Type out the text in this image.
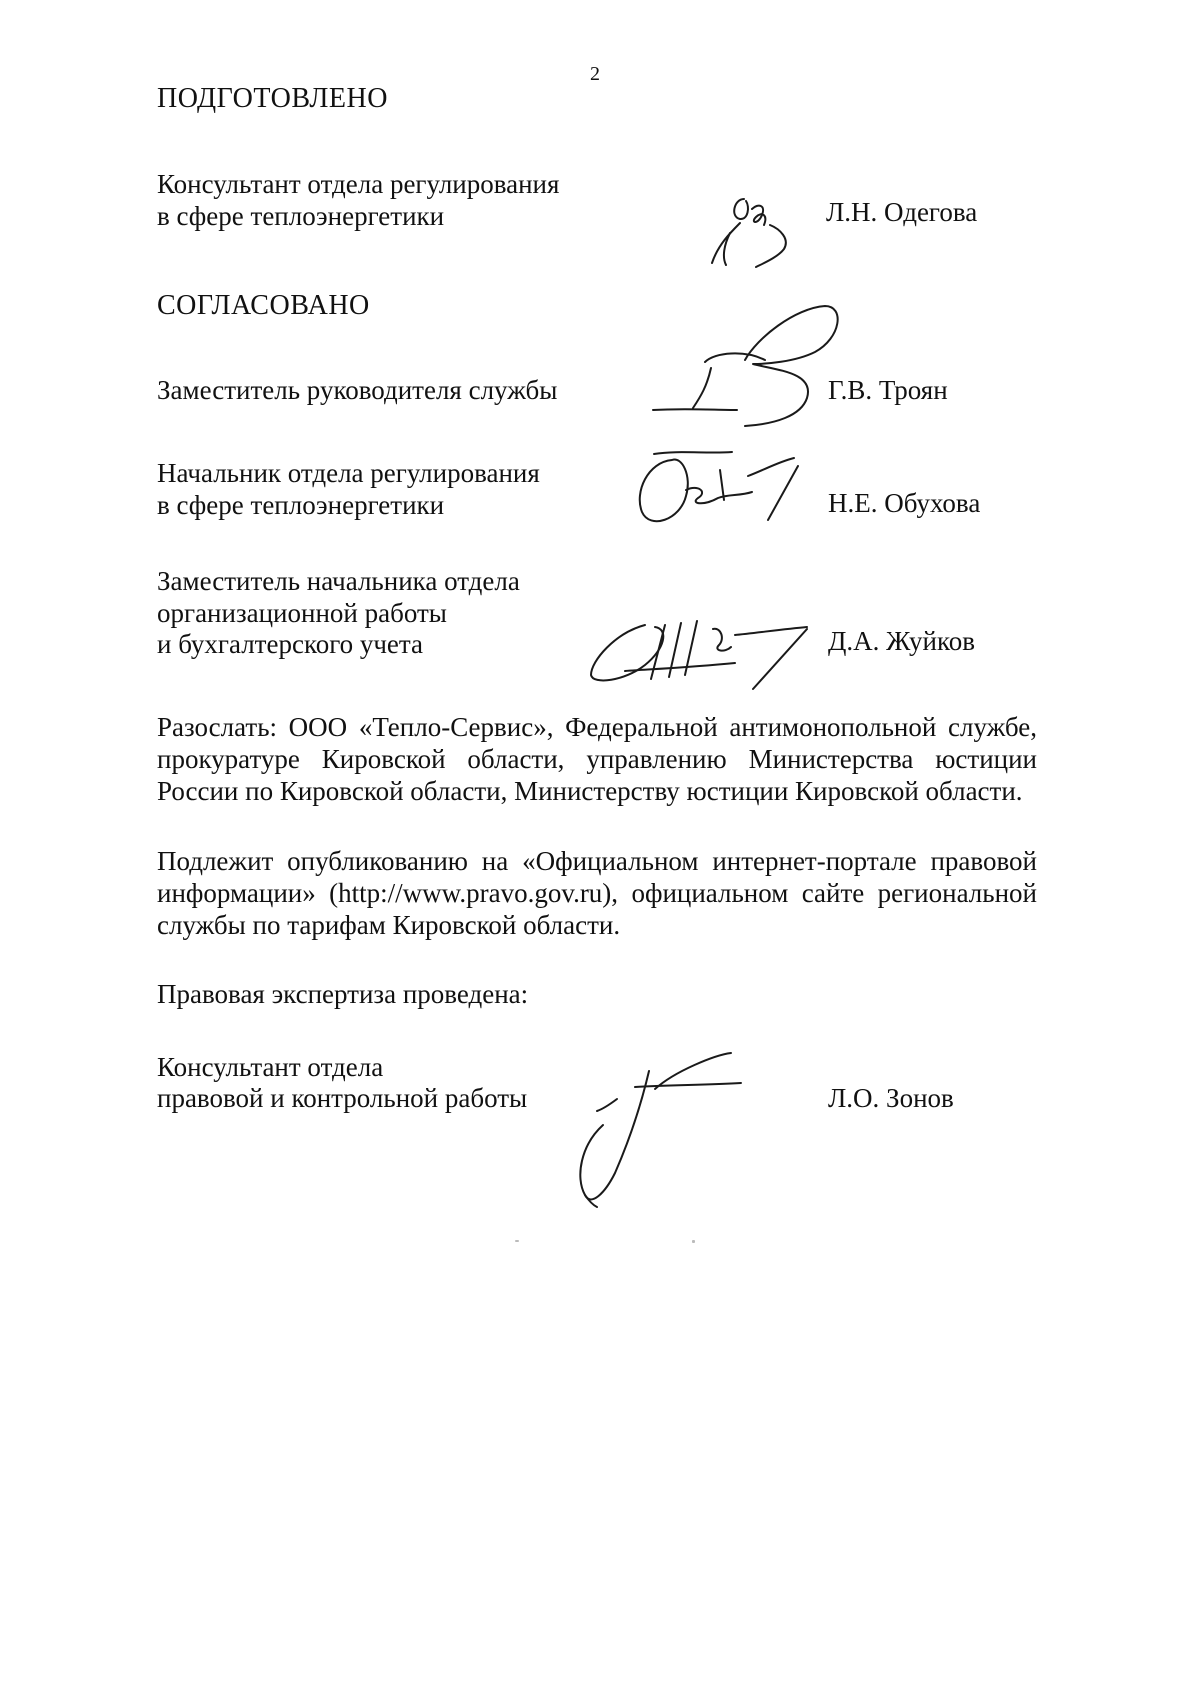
2
ПОДГОТОВЛЕНО
Консультант отдела регулирования
в сфере теплоэнергетики	Л.Н. Одегова
СОГЛАСОВАНО
Заместитель руководителя службы	Г.В. Троян
Начальник отдела регулирования
в сфере теплоэнергетики	Н.Е. Обухова
Заместитель начальника отдела
организационной работы
и бухгалтерского учета	Д.А. Жуйков
Разослать: ООО «Тепло-Сервис», Федеральной антимонопольной службе, прокуратуре Кировской области, управлению Министерства юстиции России по Кировской области, Министерству юстиции Кировской области.
Подлежит опубликованию на «Официальном интернет-портале правовой информации» (http://www.pravo.gov.ru), официальном сайте региональной службы по тарифам Кировской области.
Правовая экспертиза проведена:
Консультант отдела
правовой и контрольной работы	Л.О. Зонов
